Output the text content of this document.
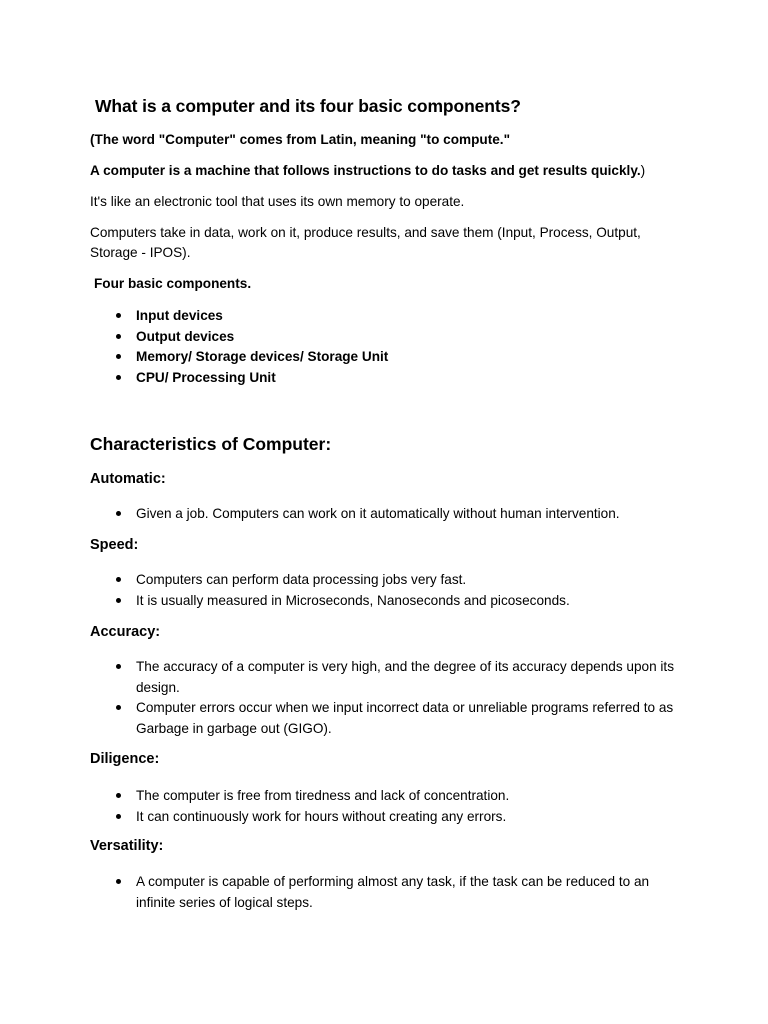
What is a computer and its four basic components?
(The word "Computer" comes from Latin, meaning "to compute."
A computer is a machine that follows instructions to do tasks and get results quickly.)
It's like an electronic tool that uses its own memory to operate.
Computers take in data, work on it, produce results, and save them (Input, Process, Output, Storage - IPOS).
Four basic components.
Input devices
Output devices
Memory/ Storage devices/ Storage Unit
CPU/ Processing Unit
Characteristics of Computer:
Automatic:
Given a job. Computers can work on it automatically without human intervention.
Speed:
Computers can perform data processing jobs very fast.
It is usually measured in Microseconds, Nanoseconds and picoseconds.
Accuracy:
The accuracy of a computer is very high, and the degree of its accuracy depends upon its design.
Computer errors occur when we input incorrect data or unreliable programs referred to as Garbage in garbage out (GIGO).
Diligence:
The computer is free from tiredness and lack of concentration.
It can continuously work for hours without creating any errors.
Versatility:
A computer is capable of performing almost any task, if the task can be reduced to an infinite series of logical steps.
